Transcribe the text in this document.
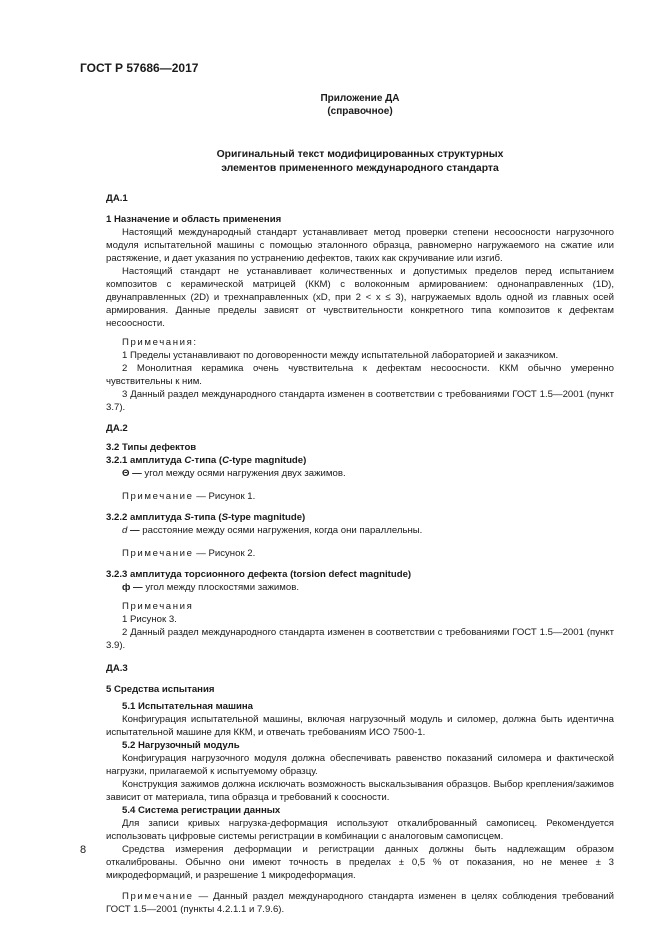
ГОСТ Р 57686—2017
Приложение ДА
(справочное)
Оригинальный текст модифицированных структурных
элементов примененного международного стандарта
ДА.1
1 Назначение и область применения

Настоящий международный стандарт устанавливает метод проверки степени несоосности нагрузочного модуля испытательной машины с помощью эталонного образца, равномерно нагружаемого на сжатие или растяжение, и дает указания по устранению дефектов, таких как скручивание или изгиб.

Настоящий стандарт не устанавливает количественных и допустимых пределов перед испытанием композитов с керамической матрицей (ККМ) с волоконным армированием: однонаправленных (1D), двунаправленных (2D) и трехнаправленных (xD, при 2 < x ≤ 3), нагружаемых вдоль одной из главных осей армирования. Данные пределы зависят от чувствительности конкретного типа композитов к дефектам несоосности.

Примечания:

1 Пределы устанавливают по договоренности между испытательной лабораторией и заказчиком.

2 Монолитная керамика очень чувствительна к дефектам несоосности. ККМ обычно умеренно чувствительны к ним.

3 Данный раздел международного стандарта изменен в соответствии с требованиями ГОСТ 1.5—2001 (пункт 3.7).

ДА.2
3.2 Типы дефектов
3.2.1 амплитуда С-типа (C-type magnitude)

Θ — угол между осями нагружения двух зажимов.

Примечание — Рисунок 1.

3.2.2 амплитуда S-типа (S-type magnitude)

d — расстояние между осями нагружения, когда они параллельны.

Примечание — Рисунок 2.

3.2.3 амплитуда торсионного дефекта (torsion defect magnitude)

ф — угол между плоскостями зажимов.

Примечания

1 Рисунок 3.

2 Данный раздел международного стандарта изменен в соответствии с требованиями ГОСТ 1.5—2001 (пункт 3.9).

ДА.3
5 Средства испытания
5.1 Испытательная машина

Конфигурация испытательной машины, включая нагрузочный модуль и силомер, должна быть идентична испытательной машине для ККМ, и отвечать требованиям ИСО 7500-1.

5.2 Нагрузочный модуль

Конфигурация нагрузочного модуля должна обеспечивать равенство показаний силомера и фактической нагрузки, прилагаемой к испытуемому образцу.

Конструкция зажимов должна исключать возможность выскальзывания образцов. Выбор крепления/зажимов зависит от материала, типа образца и требований к соосности.

5.4 Система регистрации данных

Для записи кривых нагрузка-деформация используют откалиброванный самописец. Рекомендуется использовать цифровые системы регистрации в комбинации с аналоговым самописцем.

Средства измерения деформации и регистрации данных должны быть надлежащим образом откалиброваны. Обычно они имеют точность в пределах ± 0,5 % от показания, но не менее ± 3 микродеформаций, и разрешение 1 микродеформация.

Примечание — Данный раздел международного стандарта изменен в целях соблюдения требований ГОСТ 1.5—2001 (пункты 4.2.1.1 и 7.9.6).

8
